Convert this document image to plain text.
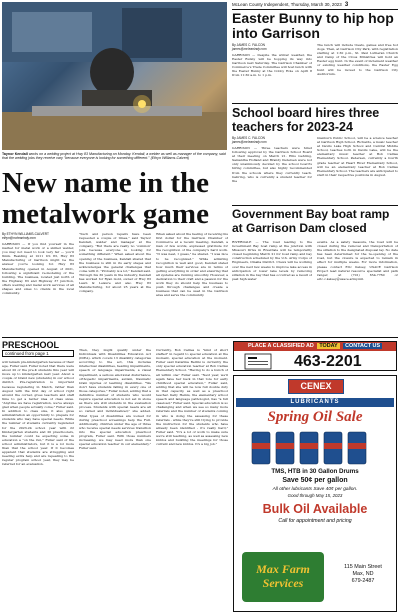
McLean County Independent, Thursday, March 30, 2023 3
Taynor Kendall works on a welding project at Hwy 83 Manufacturing on Monday. Kendall, a welder as well as manager of the company, said that the welding jobs they receive vary "because everyone is looking for something different." (Ethyn Williams-Calvert)
New name in the metalwork game
By ETHYN WILLIAMS-CALVERT
ethyn@mcleanindy.com
GARRISON — If you find yourself in the market for metal work or a skilled welder, you may not need to look very far — you'll think. Residing at 1011 US 83, Hwy 83 Manufacturing of Garrison might be the answer you're looking for. Hwy 83 Manufacturing opened in August of 2021, following a significant re-modeling of the building. The business, located just north of the Highway 83 and Highway 37 junction, offers welding and metal work services of all shapes and sizes to clients in the local community.
"Such and person repairs have been requested a couple of times," said Taynor Kendall, welder and manager at the company. "But there are really no 'common' jobs because everyone is looking for something different." When asked about the opening of the business, Kendall shared that the business is still in its early stages and acknowledges the general challenges that come with it. "Probably is a lot," Kendall said. Through his 30 years in the industry, Kendall has worked for Ryan Gold, owner of Hwy 83 Lawn & Leisure and also Hwy 83 Manufacturing, for about 25 years at the company.
When asked about the feeling of receiving his first dollar for the Garrison Chamber of Commerce at a recent meeting, Kendall, a man of few words, expressed gratitude for the recognition of the company's hard work. "It was neat, I guess," he shared. "I was nice to be recognized." While admiring recognition is well and good, Kendall stated how much their services are in terms of getting everything in order and ensuring that all systems are running smoothly. However, a dedication to their craft and a passion for the work they do should help the business to push through challenges and create a business that can be used in the Garrison area and serve the community.
Easter Bunny to hip hop into Garrison
By JAMES C. FALCON
james@mcleanindy.com
GARRISON — Despite the winter weather, the Easter Bunny will be hopping its way into Garrison next Saturday. The Garrison Chamber of Commerce's Trade Committee will host lunch with the Easter Bunny at the Cobby Hole on April 8 from 11:30 a.m. to 1 p.m.
The lunch will include treats, games and free hot dogs. Then, at Garrison City Park, with registration starting at 1:30 p.m., St. Paul Lutheran Church and Camp of the Cross Ministries will hold an Easter egg hunt. In the event of inclement weather or existing weather conditions, the Easter Egg hunt will be moved to the Garrison City Auditorium.
School board hires three teachers for 2023-24
By JAMES C. FALCON
james@mcleanindy.com
GARRISON — Three teachers were hired following approval by the Garrison School Board at their meeting on March 21. Ellis Gehring, Samantha Hofland and Brandy Pedersen were not only unanimously decided by the school board's hiring committee, but also highly recommended from the schools where they currently teach. Gehring, who is currently a student teacher for the
Glenburn Public School, will be a science teacher at Garrison High School. Richards, a music teacher at Devils Lake High School and Central Middle School, teaches both in Devils Lake, will be the elementary music teacher at Bob Callies Elementary School. Pedersen, currently a fourth grade teacher at Heart River Elementary School, will be an elementary teacher at Bob Callies Elementary School. The teachers are anticipated to start in their respective positions in August.
Government Bay boat ramp at Garrison Dam closed
RIVERDALE — The road leading to the Government Bay boat ramp at the junction with Missouri Drive in Riverdale will be temporarily closed beginning March 21 for boat ramp and bay construction scheduled by the U.S. Army Corps of Engineers, Omaha District. Crews will be working over the next few weeks to improve lake access in anticipation of lower lake levels by removing siltation in the bay that has occurred as a result of past high-water
events. As a safety measure, the road will be closed during the removal and transportation of the siltation to the designated disposal lay. No date has been determined for the re-opening of the road, but the closure is expected to remain in effect for multiple weeks. For more information, please contact Eric Kelsey, USACE Garrison Project lead natural resource specialist and park ranger, at (701) 654-7760 or eric.c.kelsey@usace.army.mil.
PRESCHOOL
continued from page 1
will remain pre-kindergarten because of their age, Fuller said. Fuller noted that there were about 20 of the pre-K students this year will move up to kindergarten next year. About a couple of brand new (students) in our school district. Pre-registration is important because registering in March, rather than August with the first day of school right around the corner, gives teachers and staff time to get a better idea of class sizes. "Anytime we have registration, we've always glad when people actually come," Fuller said. In addition to class size, it also gives administration an opportunity to prepare for students who may have special needs. While the number of students currently registered for the 2023-24 school year with 22 Kindergarten students and 20 preschoolers, the number could be expecting some in education a "on the run," Fuller said of the school administrators, but it is a lot more than that the school year. If it becomes apparent that students are struggling and needing extra help and are repeating to the regular program school year, they may be referred for an evaluation.
Then, they might qualify under the Individuals with Disabilities Education Act (IDEA), which covers 13 disability categories according to the act, this includes intellectual disabilities, hearing impairments, speech or language impairments, a visual impairment, a serious emotional disturbance, orthopedic impairments, autism, traumatic brain injuries or learning disabilities. "We don't have students falling in every one of those categories," Fuller noted, adding that a definitive number of students who would require special education is not set in stone as there are still students in the evaluation process. Students with special needs are all so varied and individualized," she added. What types of disabilities are looked for during preschool screenings help the Full. Additionally, children under the age of three who receive special needs services transition into the special education preschool program, Fuller said. With those numbers increasing, we may need more than one special education teacher in our elementary," Fuller said.
Currently, Bob Callies is "kind of short staffed" in regard to special education at the moment, special education at the moment. Fuller said Katarina Bellini is currently the only special education teacher at Bob Callies Elementary School. "Having to do a bunch of all within one" Fuller said. "Next year, we'll again have her back in that role for early childhood special education," Fuller said, adding that she will be now full double duty in that capacity, as well as a preschool teacher. Kelly Heinis, the elementary school speech and language pathologist, has "a full caseload," Fuller said. Special education is so challenging and when we see so many more referrals and the number of students coming in who is doing the assessing for these referrals - while they're still trying to provide the instruction for the students who have already been identified - it's really hard," Fuller said. "It's a lot of work to make sure we're still teaching, as well as assessing new kiddos and building the meetings for those current and new kiddos. It's a big job."
PLACE A CLASSIFIED AD TODAY CONTACT US
463-2201
CENEX
LUBRICANTS
Spring Oil Sale
TMS, HTB in 30 Gallon Drums
Save 50¢ per gallon
All other lubricants Save 40¢ per gallon.
Good through May 15, 2023
Bulk Oil Available
Call for appointment and pricing
Max Farm
Services
115 Main Street
Max, ND
679-2487
